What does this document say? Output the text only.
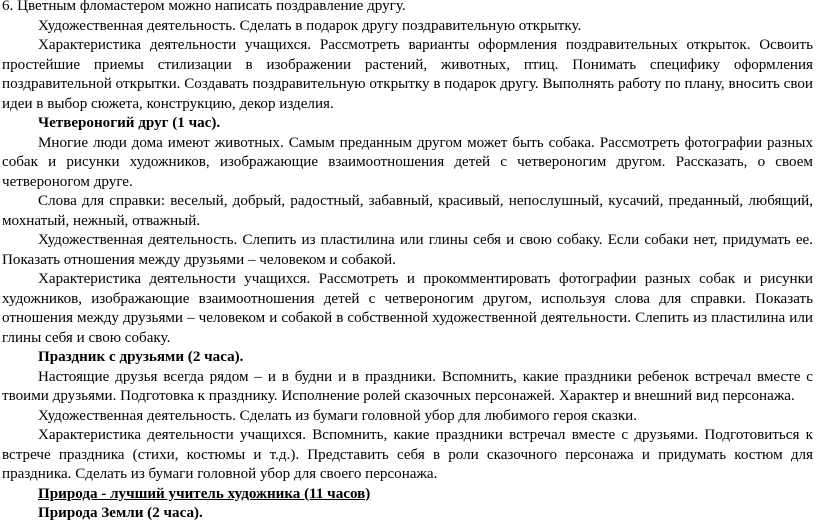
6. Цветным фломастером можно написать поздравление другу.

Художественная деятельность. Сделать в подарок другу поздравительную открытку.

Характеристика деятельности учащихся. Рассмотреть варианты оформления поздравительных открыток. Освоить простейшие приемы стилизации в изображении растений, животных, птиц. Понимать специфику оформления поздравительной открытки. Создавать поздравительную открытку в подарок другу. Выполнять работу по плану, вносить свои идеи в выбор сюжета, конструкцию, декор изделия.

Четвероногий друг (1 час).

Многие люди дома имеют животных. Самым преданным другом может быть собака. Рассмотреть фотографии разных собак и рисунки художников, изображающие взаимоотношения детей с четвероногим другом. Рассказать, о своем четвероногом друге.

Слова для справки: веселый, добрый, радостный, забавный, красивый, непослушный, кусачий, преданный, любящий, мохнатый, нежный, отважный.

Художественная деятельность. Слепить из пластилина или глины себя и свою собаку. Если собаки нет, придумать ее. Показать отношения между друзьями – человеком и собакой.

Характеристика деятельности учащихся. Рассмотреть и прокомментировать фотографии разных собак и рисунки художников, изображающие взаимоотношения детей с четвероногим другом, используя слова для справки. Показать отношения между друзьями – человеком и собакой в собственной художественной деятельности. Слепить из пластилина или глины себя и свою собаку.

Праздник с друзьями (2 часа).

Настоящие друзья всегда рядом – и в будни и в праздники. Вспомнить, какие праздники ребенок встречал вместе с твоими друзьями. Подготовка к празднику. Исполнение ролей сказочных персонажей. Характер и внешний вид персонажа.

Художественная деятельность. Сделать из бумаги головной убор для любимого героя сказки.

Характеристика деятельности учащихся. Вспомнить, какие праздники встречал вместе с друзьями. Подготовиться к встрече праздника (стихи, костюмы и т.д.). Представить себя в роли сказочного персонажа и придумать костюм для праздника. Сделать из бумаги головной убор для своего персонажа.

Природа - лучший учитель художника (11 часов)

Природа Земли (2 часа).
